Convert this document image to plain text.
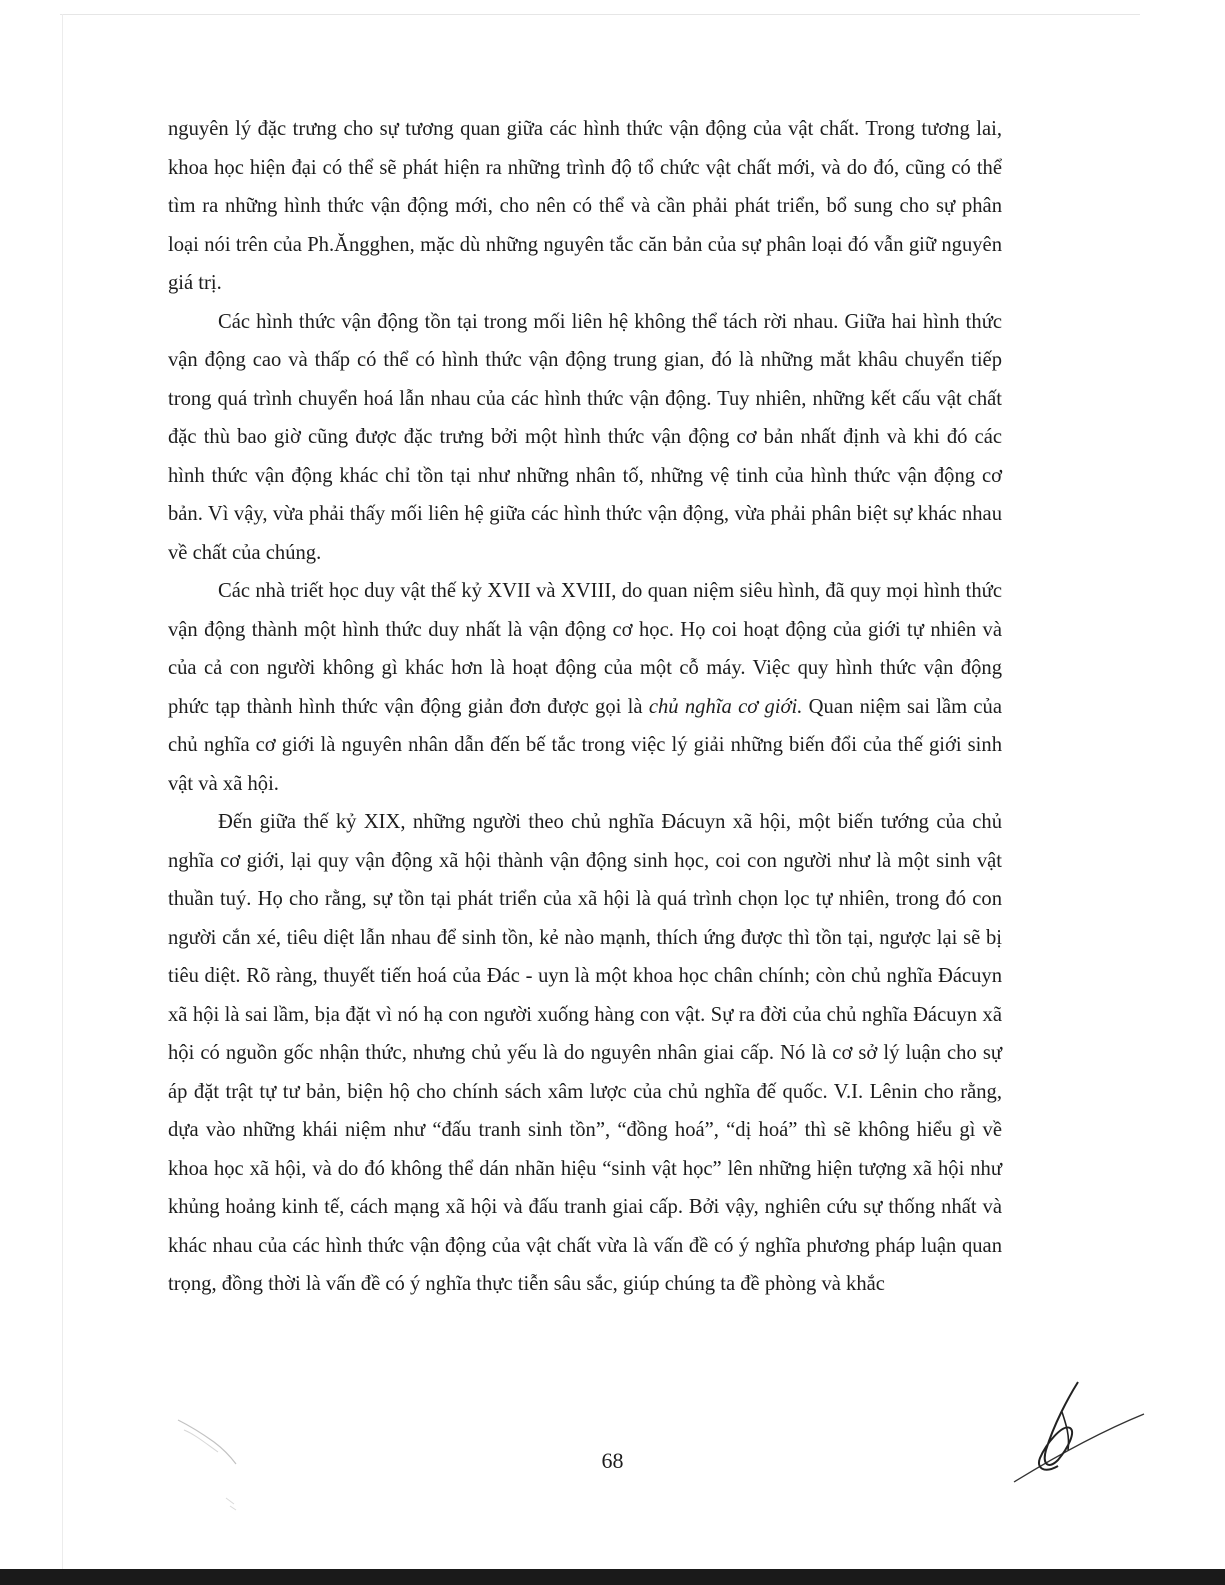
nguyên lý đặc trưng cho sự tương quan giữa các hình thức vận động của vật chất. Trong tương lai, khoa học hiện đại có thể sẽ phát hiện ra những trình độ tổ chức vật chất mới, và do đó, cũng có thể tìm ra những hình thức vận động mới, cho nên có thể và cần phải phát triển, bổ sung cho sự phân loại nói trên của Ph.Ăngghen, mặc dù những nguyên tắc căn bản của sự phân loại đó vẫn giữ nguyên giá trị.

Các hình thức vận động tồn tại trong mối liên hệ không thể tách rời nhau. Giữa hai hình thức vận động cao và thấp có thể có hình thức vận động trung gian, đó là những mắt khâu chuyển tiếp trong quá trình chuyển hoá lẫn nhau của các hình thức vận động. Tuy nhiên, những kết cấu vật chất đặc thù bao giờ cũng được đặc trưng bởi một hình thức vận động cơ bản nhất định và khi đó các hình thức vận động khác chỉ tồn tại như những nhân tố, những vệ tinh của hình thức vận động cơ bản. Vì vậy, vừa phải thấy mối liên hệ giữa các hình thức vận động, vừa phải phân biệt sự khác nhau về chất của chúng.

Các nhà triết học duy vật thế kỷ XVII và XVIII, do quan niệm siêu hình, đã quy mọi hình thức vận động thành một hình thức duy nhất là vận động cơ học. Họ coi hoạt động của giới tự nhiên và của cả con người không gì khác hơn là hoạt động của một cỗ máy. Việc quy hình thức vận động phức tạp thành hình thức vận động giản đơn được gọi là chủ nghĩa cơ giới. Quan niệm sai lầm của chủ nghĩa cơ giới là nguyên nhân dẫn đến bế tắc trong việc lý giải những biến đổi của thế giới sinh vật và xã hội.

Đến giữa thế kỷ XIX, những người theo chủ nghĩa Đácuyn xã hội, một biến tướng của chủ nghĩa cơ giới, lại quy vận động xã hội thành vận động sinh học, coi con người như là một sinh vật thuần tuý. Họ cho rằng, sự tồn tại phát triển của xã hội là quá trình chọn lọc tự nhiên, trong đó con người cắn xé, tiêu diệt lẫn nhau để sinh tồn, kẻ nào mạnh, thích ứng được thì tồn tại, ngược lại sẽ bị tiêu diệt. Rõ ràng, thuyết tiến hoá của Đác - uyn là một khoa học chân chính; còn chủ nghĩa Đácuyn xã hội là sai lầm, bịa đặt vì nó hạ con người xuống hàng con vật. Sự ra đời của chủ nghĩa Đácuyn xã hội có nguồn gốc nhận thức, nhưng chủ yếu là do nguyên nhân giai cấp. Nó là cơ sở lý luận cho sự áp đặt trật tự tư bản, biện hộ cho chính sách xâm lược của chủ nghĩa đế quốc. V.I. Lênin cho rằng, dựa vào những khái niệm như “đấu tranh sinh tồn”, “đồng hoá”, “dị hoá” thì sẽ không hiểu gì về khoa học xã hội, và do đó không thể dán nhãn hiệu “sinh vật học” lên những hiện tượng xã hội như khủng hoảng kinh tế, cách mạng xã hội và đấu tranh giai cấp. Bởi vậy, nghiên cứu sự thống nhất và khác nhau của các hình thức vận động của vật chất vừa là vấn đề có ý nghĩa phương pháp luận quan trọng, đồng thời là vấn đề có ý nghĩa thực tiễn sâu sắc, giúp chúng ta đề phòng và khắc

68
